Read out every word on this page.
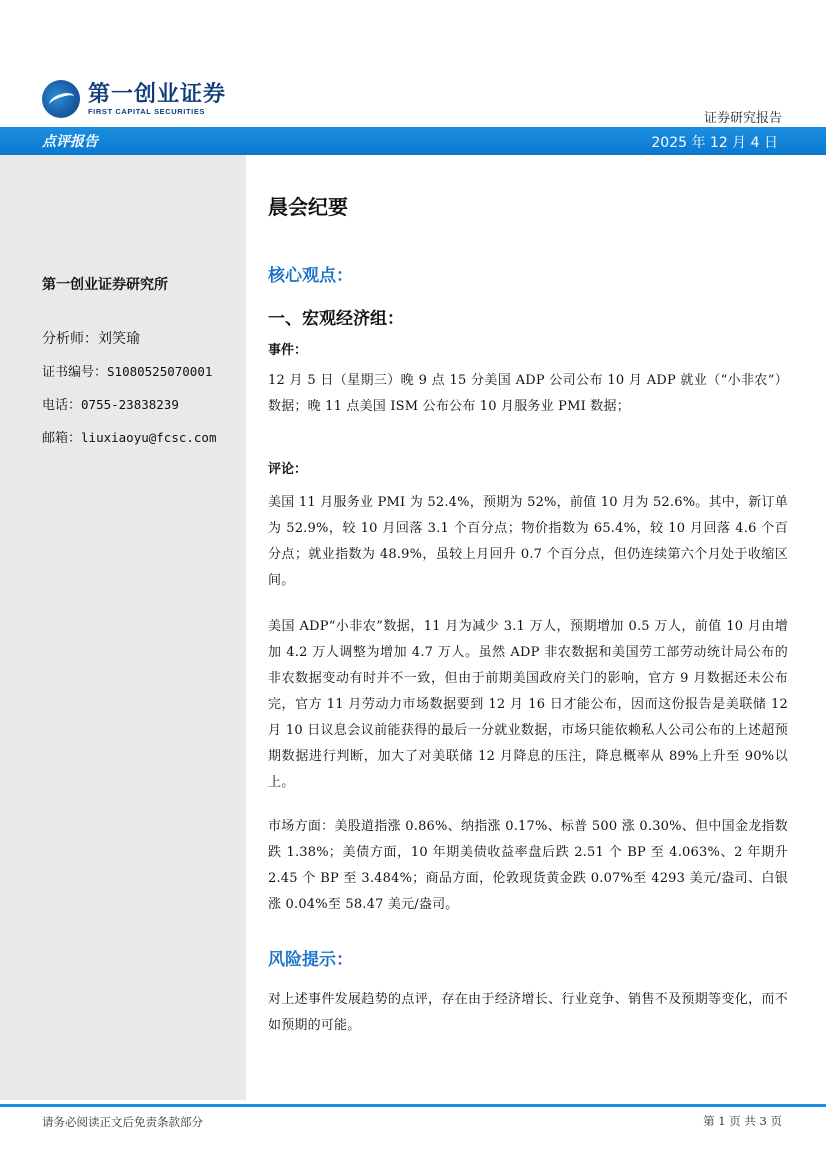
第一创业证券
FIRST CAPITAL SECURITIES	证券研究报告
点评报告	2025 年 12 月 4 日
第一创业证券研究所
分析师：刘笑瑜
证书编号：S1080525070001
电话：0755-23838239
邮箱：liuxiaoyu@fcsc.com
晨会纪要
核心观点：
一、宏观经济组：
事件：
12 月 5 日（星期三）晚 9 点 15 分美国 ADP 公司公布 10 月 ADP 就业（“小非农”）数据；晚 11 点美国 ISM 公布公布 10 月服务业 PMI 数据；
评论：
美国 11 月服务业 PMI 为 52.4%，预期为 52%，前值 10 月为 52.6%。其中，新订单为 52.9%，较 10 月回落 3.1 个百分点；物价指数为 65.4%，较 10 月回落 4.6 个百分点；就业指数为 48.9%，虽较上月回升 0.7 个百分点，但仍连续第六个月处于收缩区间。
美国 ADP“小非农”数据，11 月为减少 3.1 万人，预期增加 0.5 万人，前值 10 月由增加 4.2 万人调整为增加 4.7 万人。虽然 ADP 非农数据和美国劳工部劳动统计局公布的非农数据变动有时并不一致，但由于前期美国政府关门的影响，官方 9 月数据还未公布完，官方 11 月劳动力市场数据要到 12 月 16 日才能公布，因而这份报告是美联储 12 月 10 日议息会议前能获得的最后一分就业数据，市场只能依赖私人公司公布的上述超预期数据进行判断，加大了对美联储 12 月降息的压注，降息概率从 89%上升至 90%以上。
市场方面：美股道指涨 0.86%、纳指涨 0.17%、标普 500 涨 0.30%、但中国金龙指数跌 1.38%；美债方面，10 年期美债收益率盘后跌 2.51 个 BP 至 4.063%、2 年期升 2.45 个 BP 至 3.484%；商品方面，伦敦现货黄金跌 0.07%至 4293 美元/盎司、白银涨 0.04%至 58.47 美元/盎司。
风险提示：
对上述事件发展趋势的点评，存在由于经济增长、行业竞争、销售不及预期等变化，而不如预期的可能。
请务必阅读正文后免责条款部分	第 1 页 共 3 页
